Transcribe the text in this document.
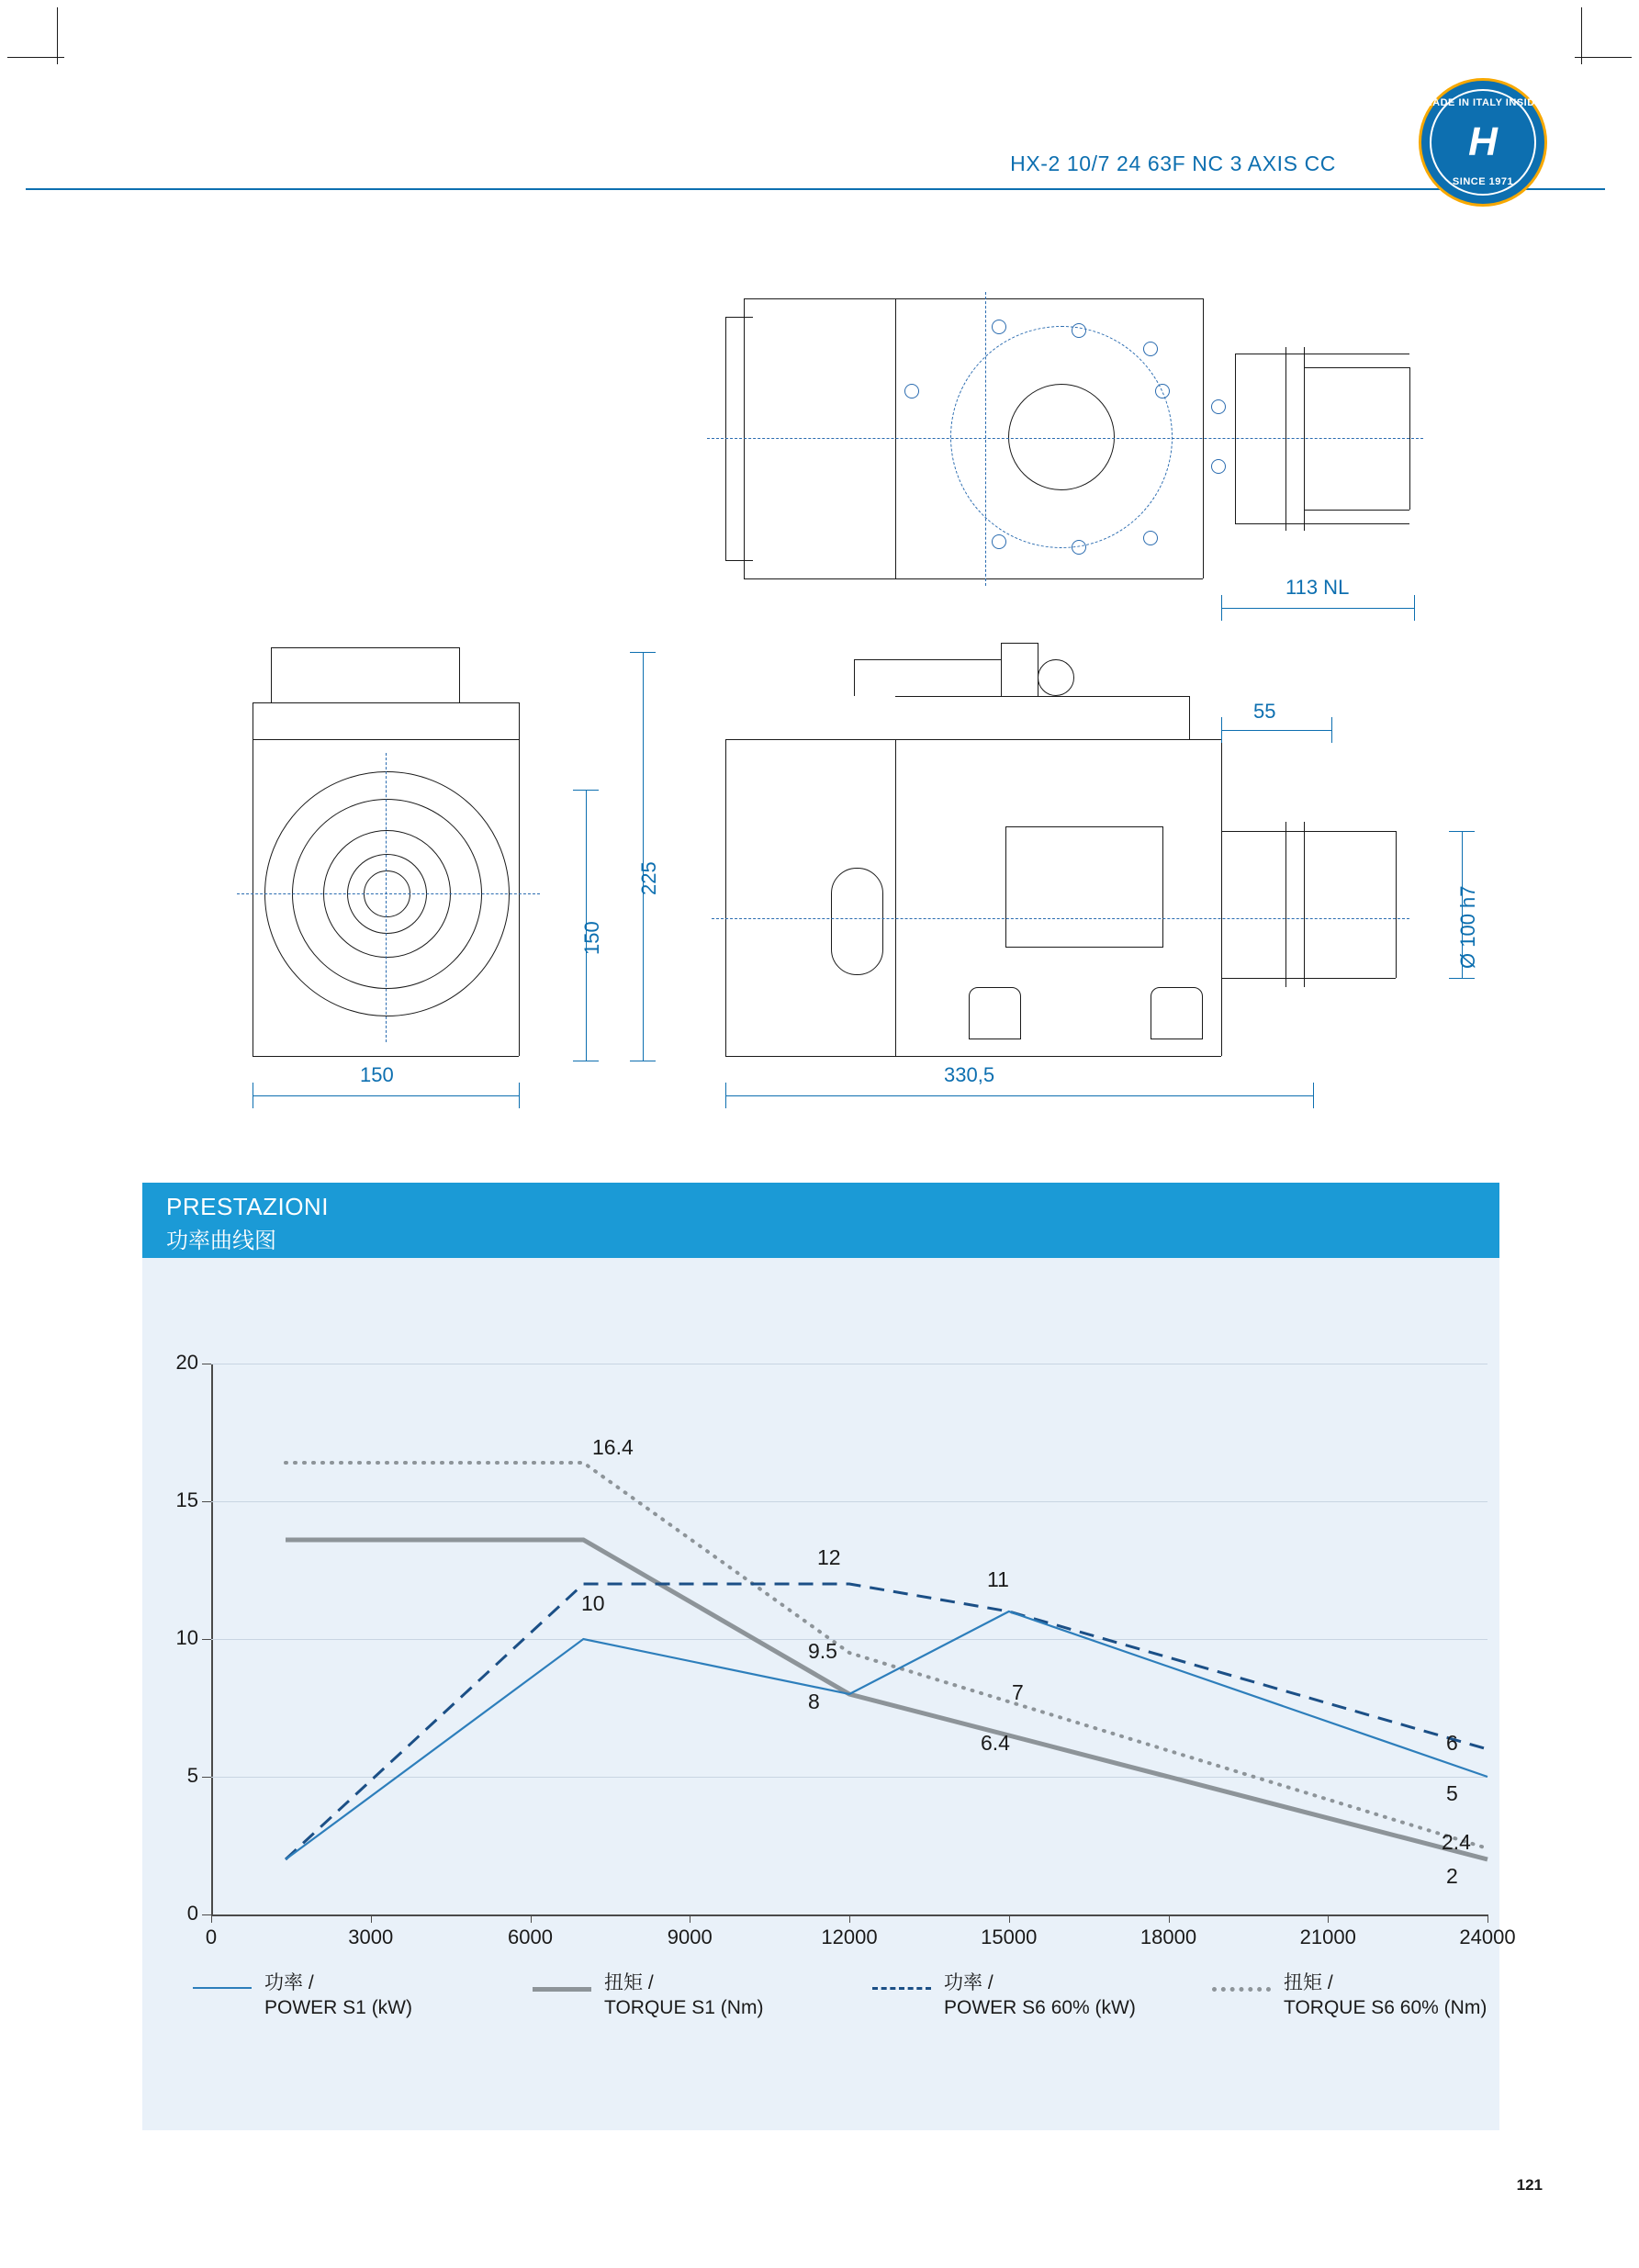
HX-2 10/7 24 63F NC 3 AXIS CC
MADE IN ITALY INSIDE
H
SINCE 1971
113 NL
225
150
150
55
Ø 100 h7
330,5
PRESTAZIONI
功率曲线图
20
15
10
5
0
0	3000	6000	9000	12000	15000	18000	21000	24000
16.4
12
11
10
9.5
8	7
6.4	6
5
2.4
2
功率 /
POWER S1 (kW)
扭矩 /
TORQUE S1 (Nm)
功率 /
POWER S6 60% (kW)
扭矩 /
TORQUE S6 60% (Nm)
121
